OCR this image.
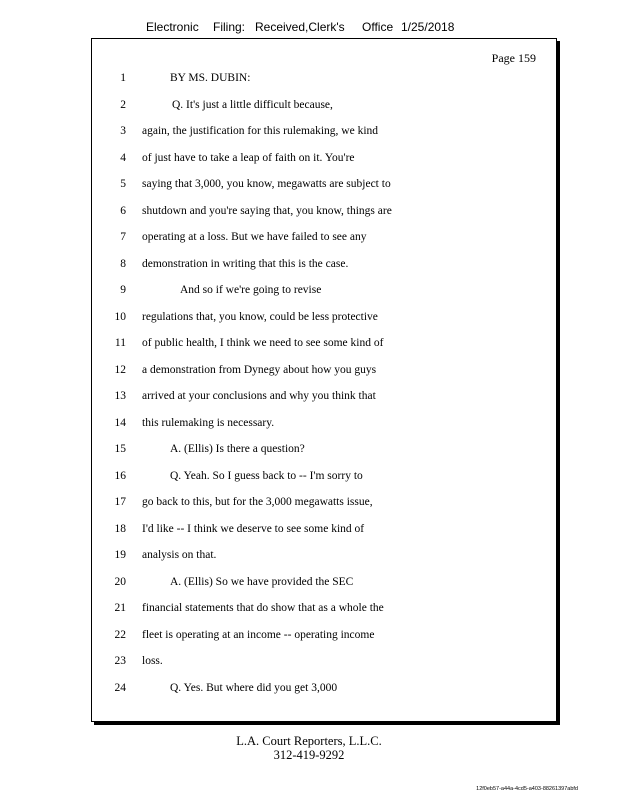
Electronic Filing: Received,Clerk's Office 1/25/2018
Page 159
1	BY MS. DUBIN:
2	Q. It's just a little difficult because,
3 again, the justification for this rulemaking, we kind
4 of just have to take a leap of faith on it. You're
5 saying that 3,000, you know, megawatts are subject to
6 shutdown and you're saying that, you know, things are
7 operating at a loss. But we have failed to see any
8 demonstration in writing that this is the case.
9	And so if we're going to revise
10 regulations that, you know, could be less protective
11 of public health, I think we need to see some kind of
12 a demonstration from Dynegy about how you guys
13 arrived at your conclusions and why you think that
14 this rulemaking is necessary.
15	A. (Ellis) Is there a question?
16	Q. Yeah. So I guess back to -- I'm sorry to
17 go back to this, but for the 3,000 megawatts issue,
18 I'd like -- I think we deserve to see some kind of
19 analysis on that.
20	A. (Ellis) So we have provided the SEC
21 financial statements that do show that as a whole the
22 fleet is operating at an income -- operating income
23 loss.
24	Q. Yes. But where did you get 3,000
L.A. Court Reporters, L.L.C.
312-419-9292
12f0eb57-a44a-4cd5-a403-88261397abfd
